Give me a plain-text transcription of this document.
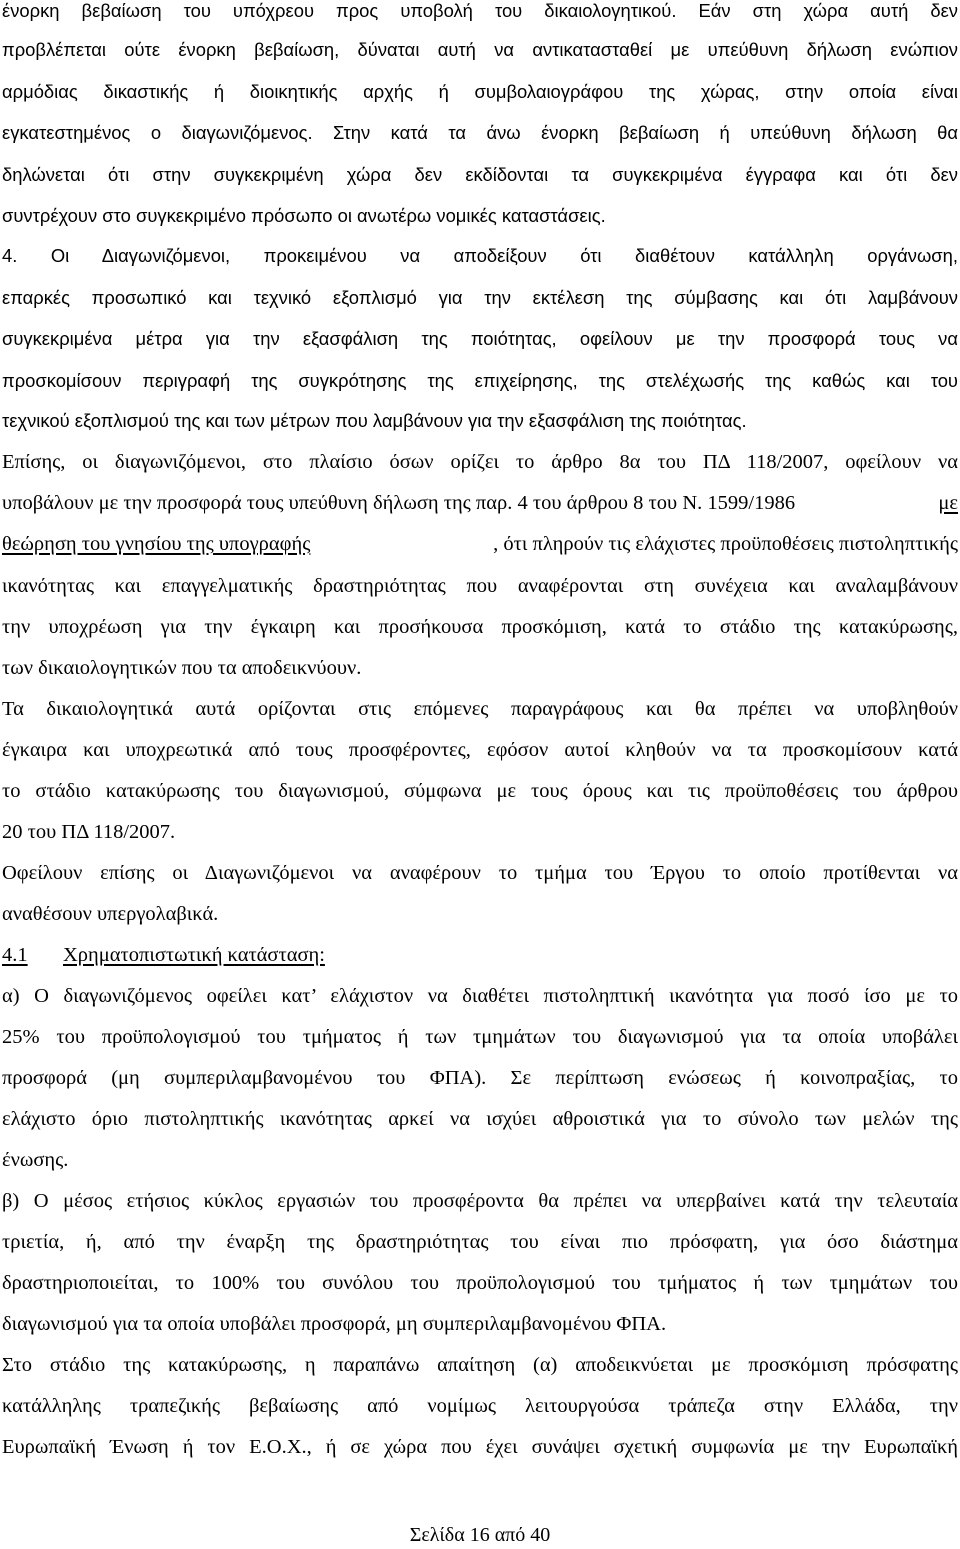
ένορκη βεβαίωση του υπόχρεου προς υποβολή του δικαιολογητικού. Εάν στη χώρα αυτή δεν
προβλέπεται ούτε ένορκη βεβαίωση, δύναται αυτή να αντικατασταθεί με υπεύθυνη δήλωση ενώπιον
αρμόδιας δικαστικής ή διοικητικής αρχής ή συμβολαιογράφου της χώρας, στην οποία είναι
εγκατεστημένος ο διαγωνιζόμενος. Στην κατά τα άνω ένορκη βεβαίωση ή υπεύθυνη δήλωση θα
δηλώνεται ότι στην συγκεκριμένη χώρα δεν εκδίδονται τα συγκεκριμένα έγγραφα και ότι δεν
συντρέχουν στο συγκεκριμένο πρόσωπο οι ανωτέρω νομικές καταστάσεις.
4. Οι Διαγωνιζόμενοι, προκειμένου να αποδείξουν ότι διαθέτουν κατάλληλη οργάνωση,
επαρκές προσωπικό και τεχνικό εξοπλισμό για την εκτέλεση της σύμβασης και ότι λαμβάνουν
συγκεκριμένα μέτρα για την εξασφάλιση της ποιότητας, οφείλουν με την προσφορά τους να
προσκομίσουν περιγραφή της συγκρότησης της επιχείρησης, της στελέχωσής της καθώς και του
τεχνικού εξοπλισμού της και των μέτρων που λαμβάνουν για την εξασφάλιση της ποιότητας.
Επίσης, οι διαγωνιζόμενοι, στο πλαίσιο όσων ορίζει το άρθρο 8α του ΠΔ 118/2007, οφείλουν να
υποβάλουν με την προσφορά τους υπεύθυνη δήλωση της παρ. 4 του άρθρου 8 του Ν. 1599/1986	με
θεώρηση του γνησίου της υπογραφής	, ότι πληρούν τις ελάχιστες προϋποθέσεις πιστοληπτικής
ικανότητας και επαγγελματικής δραστηριότητας που αναφέρονται στη συνέχεια και αναλαμβάνουν
την υποχρέωση για την έγκαιρη και προσήκουσα προσκόμιση, κατά το στάδιο της κατακύρωσης,
των δικαιολογητικών που τα αποδεικνύουν.
Τα δικαιολογητικά αυτά ορίζονται στις επόμενες παραγράφους και θα πρέπει να υποβληθούν
έγκαιρα και υποχρεωτικά από τους προσφέροντες, εφόσον αυτοί κληθούν να τα προσκομίσουν κατά
το στάδιο κατακύρωσης του διαγωνισμού, σύμφωνα με τους όρους και τις προϋποθέσεις του άρθρου
20 του ΠΔ 118/2007.
Οφείλουν επίσης οι Διαγωνιζόμενοι να αναφέρουν το τμήμα του Έργου το οποίο προτίθενται να
αναθέσουν υπεργολαβικά.
4.1 Χρηματοπιστωτική κατάσταση:
α) Ο διαγωνιζόμενος οφείλει κατ’ ελάχιστον να διαθέτει πιστοληπτική ικανότητα για ποσό ίσο με το
25% του προϋπολογισμού του τμήματος ή των τμημάτων του διαγωνισμού για τα οποία υποβάλει
προσφορά (μη συμπεριλαμβανομένου του ΦΠΑ). Σε περίπτωση ενώσεως ή κοινοπραξίας, το
ελάχιστο όριο πιστοληπτικής ικανότητας αρκεί να ισχύει αθροιστικά για το σύνολο των μελών της
ένωσης.
β) Ο μέσος ετήσιος κύκλος εργασιών του προσφέροντα θα πρέπει να υπερβαίνει κατά την τελευταία
τριετία, ή, από την έναρξη της δραστηριότητας του είναι πιο πρόσφατη, για όσο διάστημα
δραστηριοποιείται, το 100% του συνόλου του προϋπολογισμού του τμήματος ή των τμημάτων του
διαγωνισμού για τα οποία υποβάλει προσφορά, μη συμπεριλαμβανομένου ΦΠΑ.
Στο στάδιο της κατακύρωσης, η παραπάνω απαίτηση (α) αποδεικνύεται με προσκόμιση πρόσφατης
κατάλληλης τραπεζικής βεβαίωσης από νομίμως λειτουργούσα τράπεζα στην Ελλάδα, την
Ευρωπαϊκή Ένωση ή τον Ε.Ο.Χ., ή σε χώρα που έχει συνάψει σχετική συμφωνία με την Ευρωπαϊκή
Σελίδα 16 από 40
